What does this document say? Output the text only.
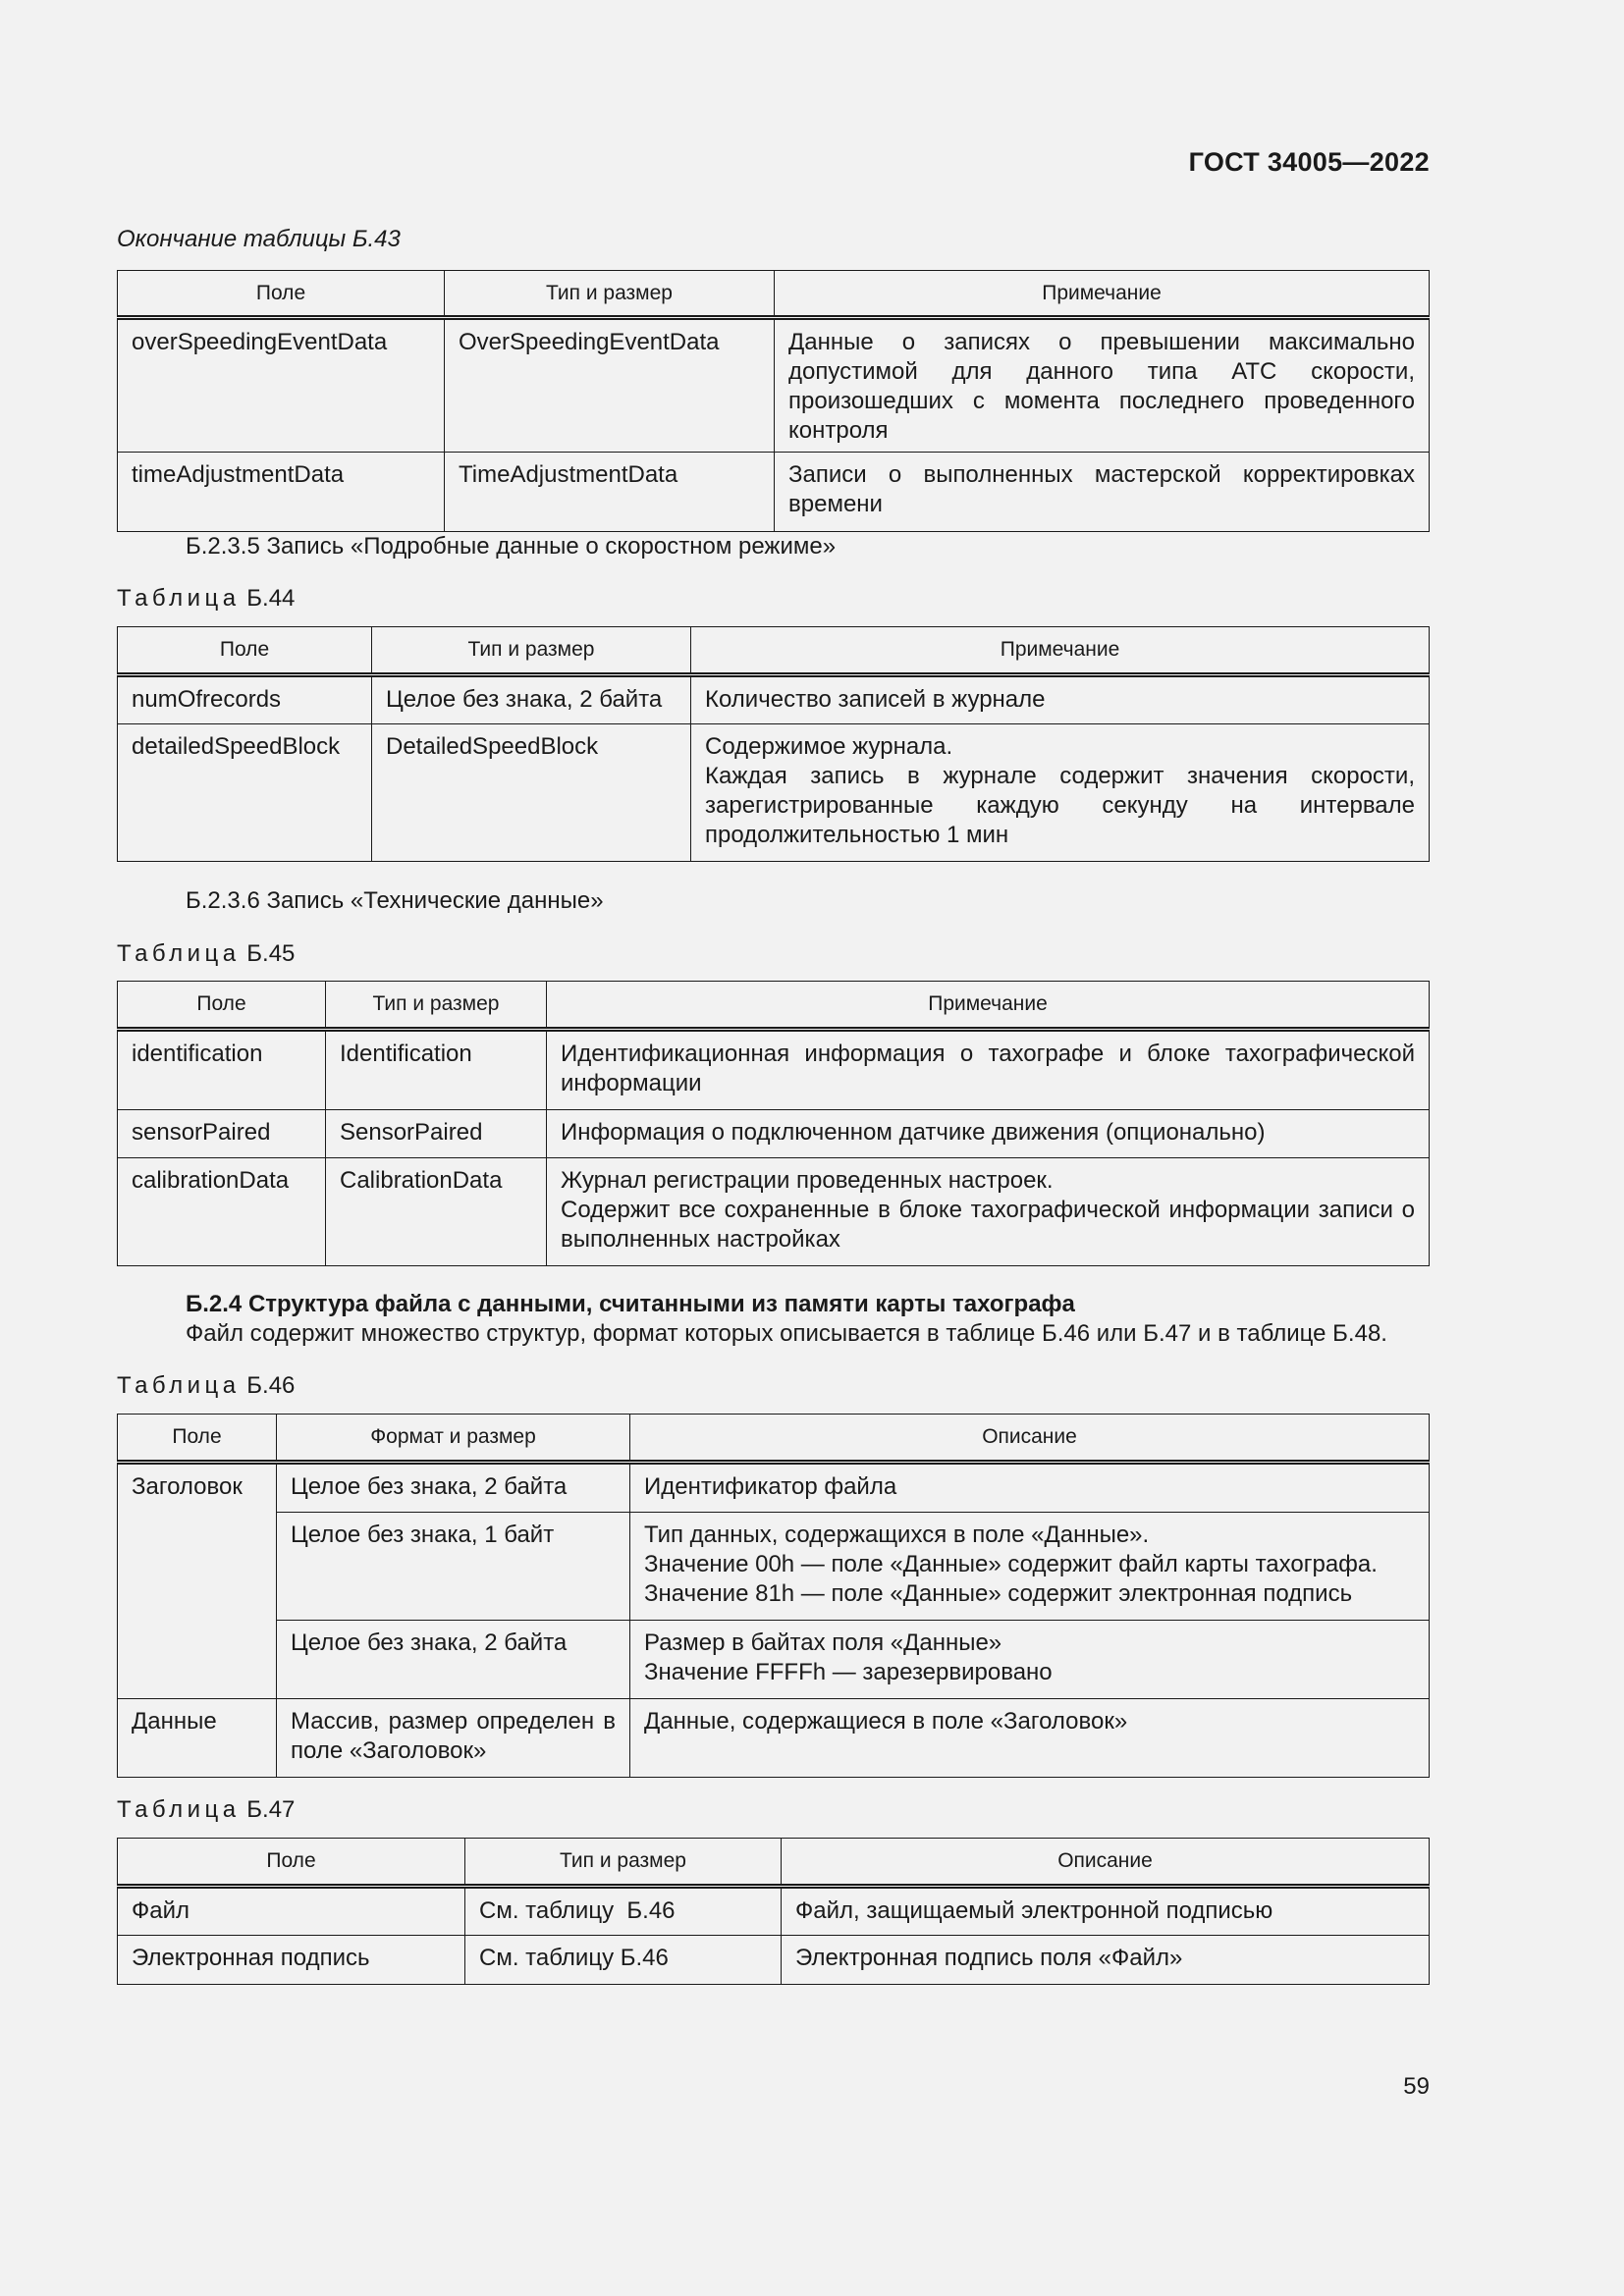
ГОСТ 34005—2022
Окончание таблицы Б.43
Поле	Тип и размер	Примечание
overSpeedingEventData	OverSpeedingEventData	Данные о записях о превышении максимально допустимой для данного типа АТС скорости, произошедших с момента последнего проведенного контроля
timeAdjustmentData	TimeAdjustmentData	Записи о выполненных мастерской корректировках времени
Б.2.3.5 Запись «Подробные данные о скоростном режиме»
Таблица Б.44
Поле	Тип и размер	Примечание
numOfrecords	Целое без знака, 2 байта	Количество записей в журнале
detailedSpeedBlock	DetailedSpeedBlock	Содержимое журнала.
Каждая запись в журнале содержит значения скорости, зарегистрированные каждую секунду на интервале продолжительностью 1 мин
Б.2.3.6 Запись «Технические данные»
Таблица Б.45
Поле	Тип и размер	Примечание
identification	Identification	Идентификационная информация о тахографе и блоке тахографической информации
sensorPaired	SensorPaired	Информация о подключенном датчике движения (опционально)
calibrationData	CalibrationData	Журнал регистрации проведенных настроек.
Содержит все сохраненные в блоке тахографической информации записи о выполненных настройках
Б.2.4 Структура файла с данными, считанными из памяти карты тахографа
Файл содержит множество структур, формат которых описывается в таблице Б.46 или Б.47 и в таблице Б.48.
Таблица Б.46
Поле	Формат и размер	Описание
Заголовок	Целое без знака, 2 байта	Идентификатор файла
	Целое без знака, 1 байт	Тип данных, содержащихся в поле «Данные».
Значение 00h — поле «Данные» содержит файл карты тахографа.
Значение 81h — поле «Данные» содержит электронная подпись
	Целое без знака, 2 байта	Размер в байтах поля «Данные»
Значение FFFFh — зарезервировано
Данные	Массив, размер определен в поле «Заголовок»	Данные, содержащиеся в поле «Заголовок»
Таблица Б.47
Поле	Тип и размер	Описание
Файл	См. таблицу  Б.46	Файл, защищаемый электронной подписью
Электронная подпись	См. таблицу Б.46	Электронная подпись поля «Файл»
59
